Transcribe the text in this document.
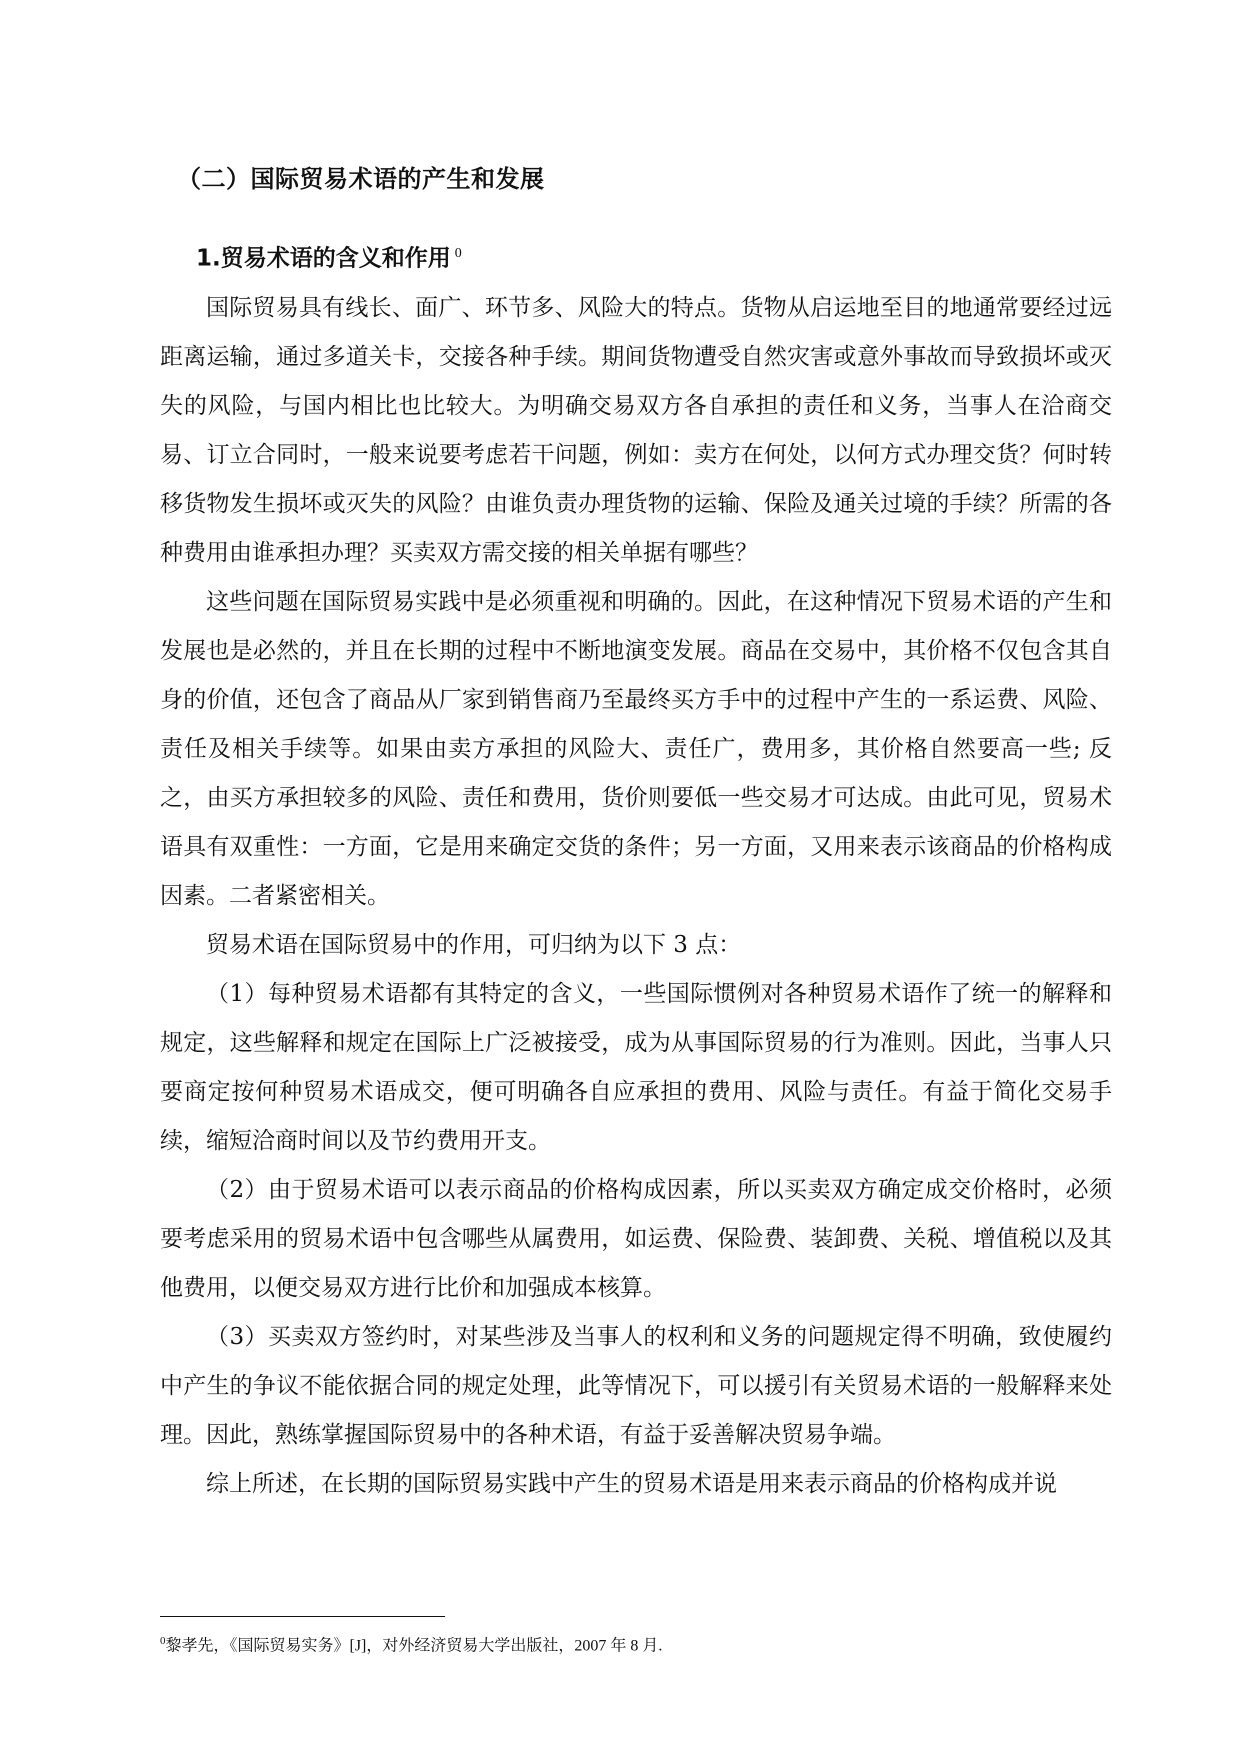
（二）国际贸易术语的产生和发展
1.贸易术语的含义和作用 $^0$

国际贸易具有线长、面广、环节多、风险大的特点。货物从启运地至目的地通常要经过远距离运输，通过多道关卡，交接各种手续。期间货物遭受自然灾害或意外事故而导致损坏或灭失的风险，与国内相比也比较大。为明确交易双方各自承担的责任和义务，当事人在洽商交易、订立合同时，一般来说要考虑若干问题，例如：卖方在何处，以何方式办理交货？何时转移货物发生损坏或灭失的风险？由谁负责办理货物的运输、保险及通关过境的手续？所需的各种费用由谁承担办理？买卖双方需交接的相关单据有哪些？

这些问题在国际贸易实践中是必须重视和明确的。因此，在这种情况下贸易术语的产生和发展也是必然的，并且在长期的过程中不断地演变发展。商品在交易中，其价格不仅包含其自身的价值，还包含了商品从厂家到销售商乃至最终买方手中的过程中产生的一系运费、风险、责任及相关手续等。如果由卖方承担的风险大、责任广，费用多，其价格自然要高一些; 反之，由买方承担较多的风险、责任和费用，货价则要低一些交易才可达成。由此可见，贸易术语具有双重性：一方面，它是用来确定交货的条件；另一方面，又用来表示该商品的价格构成因素。二者紧密相关。

贸易术语在国际贸易中的作用，可归纳为以下 3 点：

（1）每种贸易术语都有其特定的含义，一些国际惯例对各种贸易术语作了统一的解释和规定，这些解释和规定在国际上广泛被接受，成为从事国际贸易的行为准则。因此，当事人只要商定按何种贸易术语成交，便可明确各自应承担的费用、风险与责任。有益于简化交易手续，缩短洽商时间以及节约费用开支。

（2）由于贸易术语可以表示商品的价格构成因素，所以买卖双方确定成交价格时，必须要考虑采用的贸易术语中包含哪些从属费用，如运费、保险费、装卸费、关税、增值税以及其他费用，以便交易双方进行比价和加强成本核算。

（3）买卖双方签约时，对某些涉及当事人的权利和义务的问题规定得不明确，致使履约中产生的争议不能依据合同的规定处理，此等情况下，可以援引有关贸易术语的一般解释来处理。因此，熟练掌握国际贸易中的各种术语，有益于妥善解决贸易争端。

综上所述，在长期的国际贸易实践中产生的贸易术语是用来表示商品的价格构成并说

$^0$黎孝先，《国际贸易实务》[J]，对外经济贸易大学出版社，2007 年 8 月.
